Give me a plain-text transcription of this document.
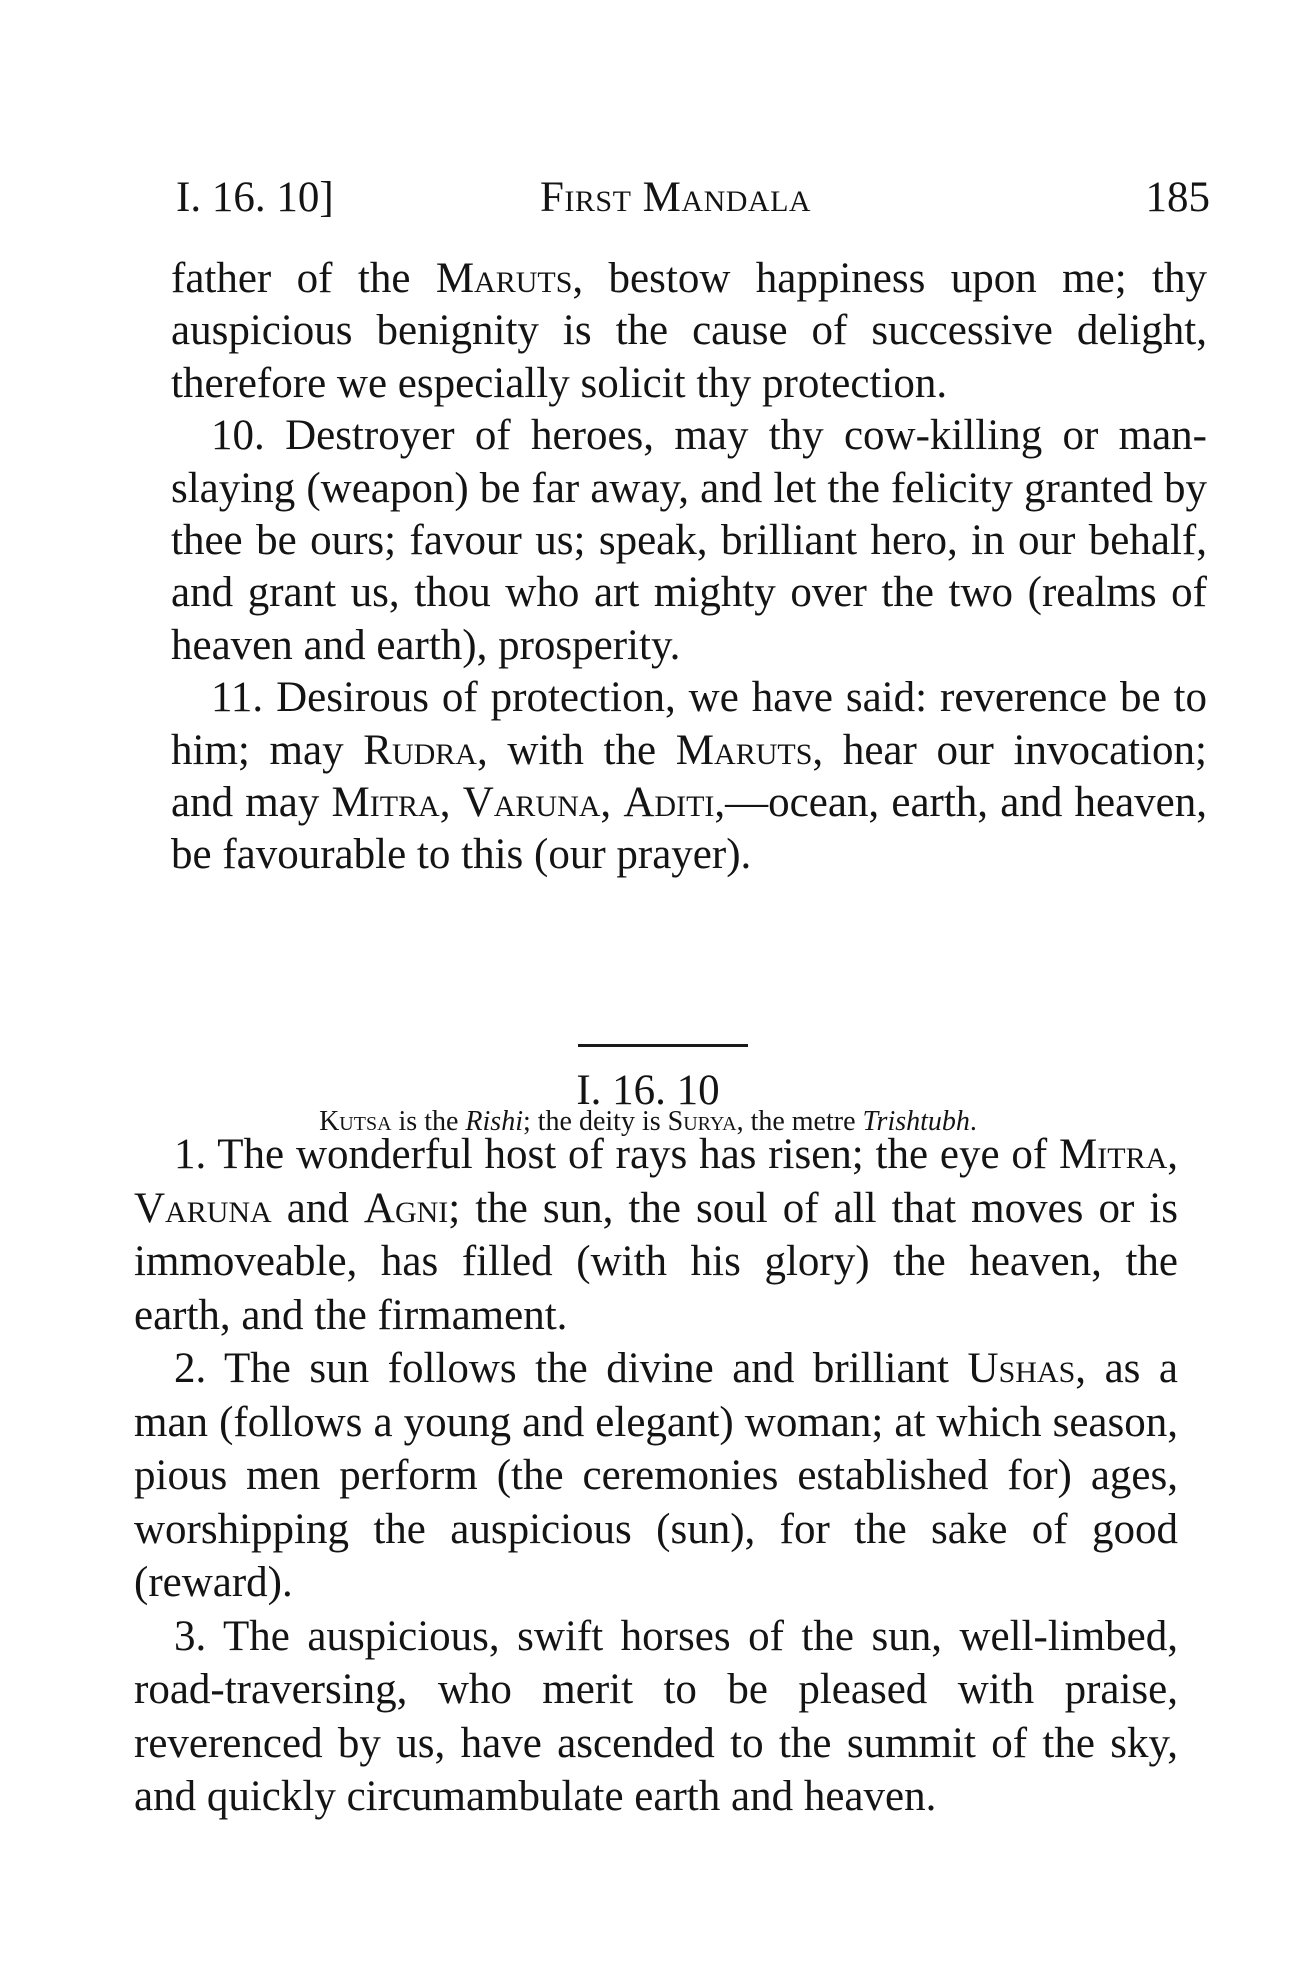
I. 16. 10]	First Mandala	185

father of the Maruts, bestow happiness upon me; thy auspicious benignity is the cause of successive delight, therefore we especially solicit thy protection.

10. Destroyer of heroes, may thy cow-killing or man-slaying (weapon) be far away, and let the felicity granted by thee be ours; favour us; speak, brilliant hero, in our behalf, and grant us, thou who art mighty over the two (realms of heaven and earth), prosperity.

11. Desirous of protection, we have said: reverence be to him; may Rudra, with the Maruts, hear our invocation; and may Mitra, Varuna, Aditi,—ocean, earth, and heaven, be favourable to this (our prayer).

I. 16. 10
Kutsa is the Rishi; the deity is Surya, the metre Trishtubh.

1. The wonderful host of rays has risen; the eye of Mitra, Varuna and Agni; the sun, the soul of all that moves or is immoveable, has filled (with his glory) the heaven, the earth, and the firmament.

2. The sun follows the divine and brilliant Ushas, as a man (follows a young and elegant) woman; at which season, pious men perform (the ceremonies established for) ages, worshipping the auspicious (sun), for the sake of good (reward).

3. The auspicious, swift horses of the sun, well-limbed, road-traversing, who merit to be pleased with praise, reverenced by us, have ascended to the summit of the sky, and quickly circumambulate earth and heaven.
